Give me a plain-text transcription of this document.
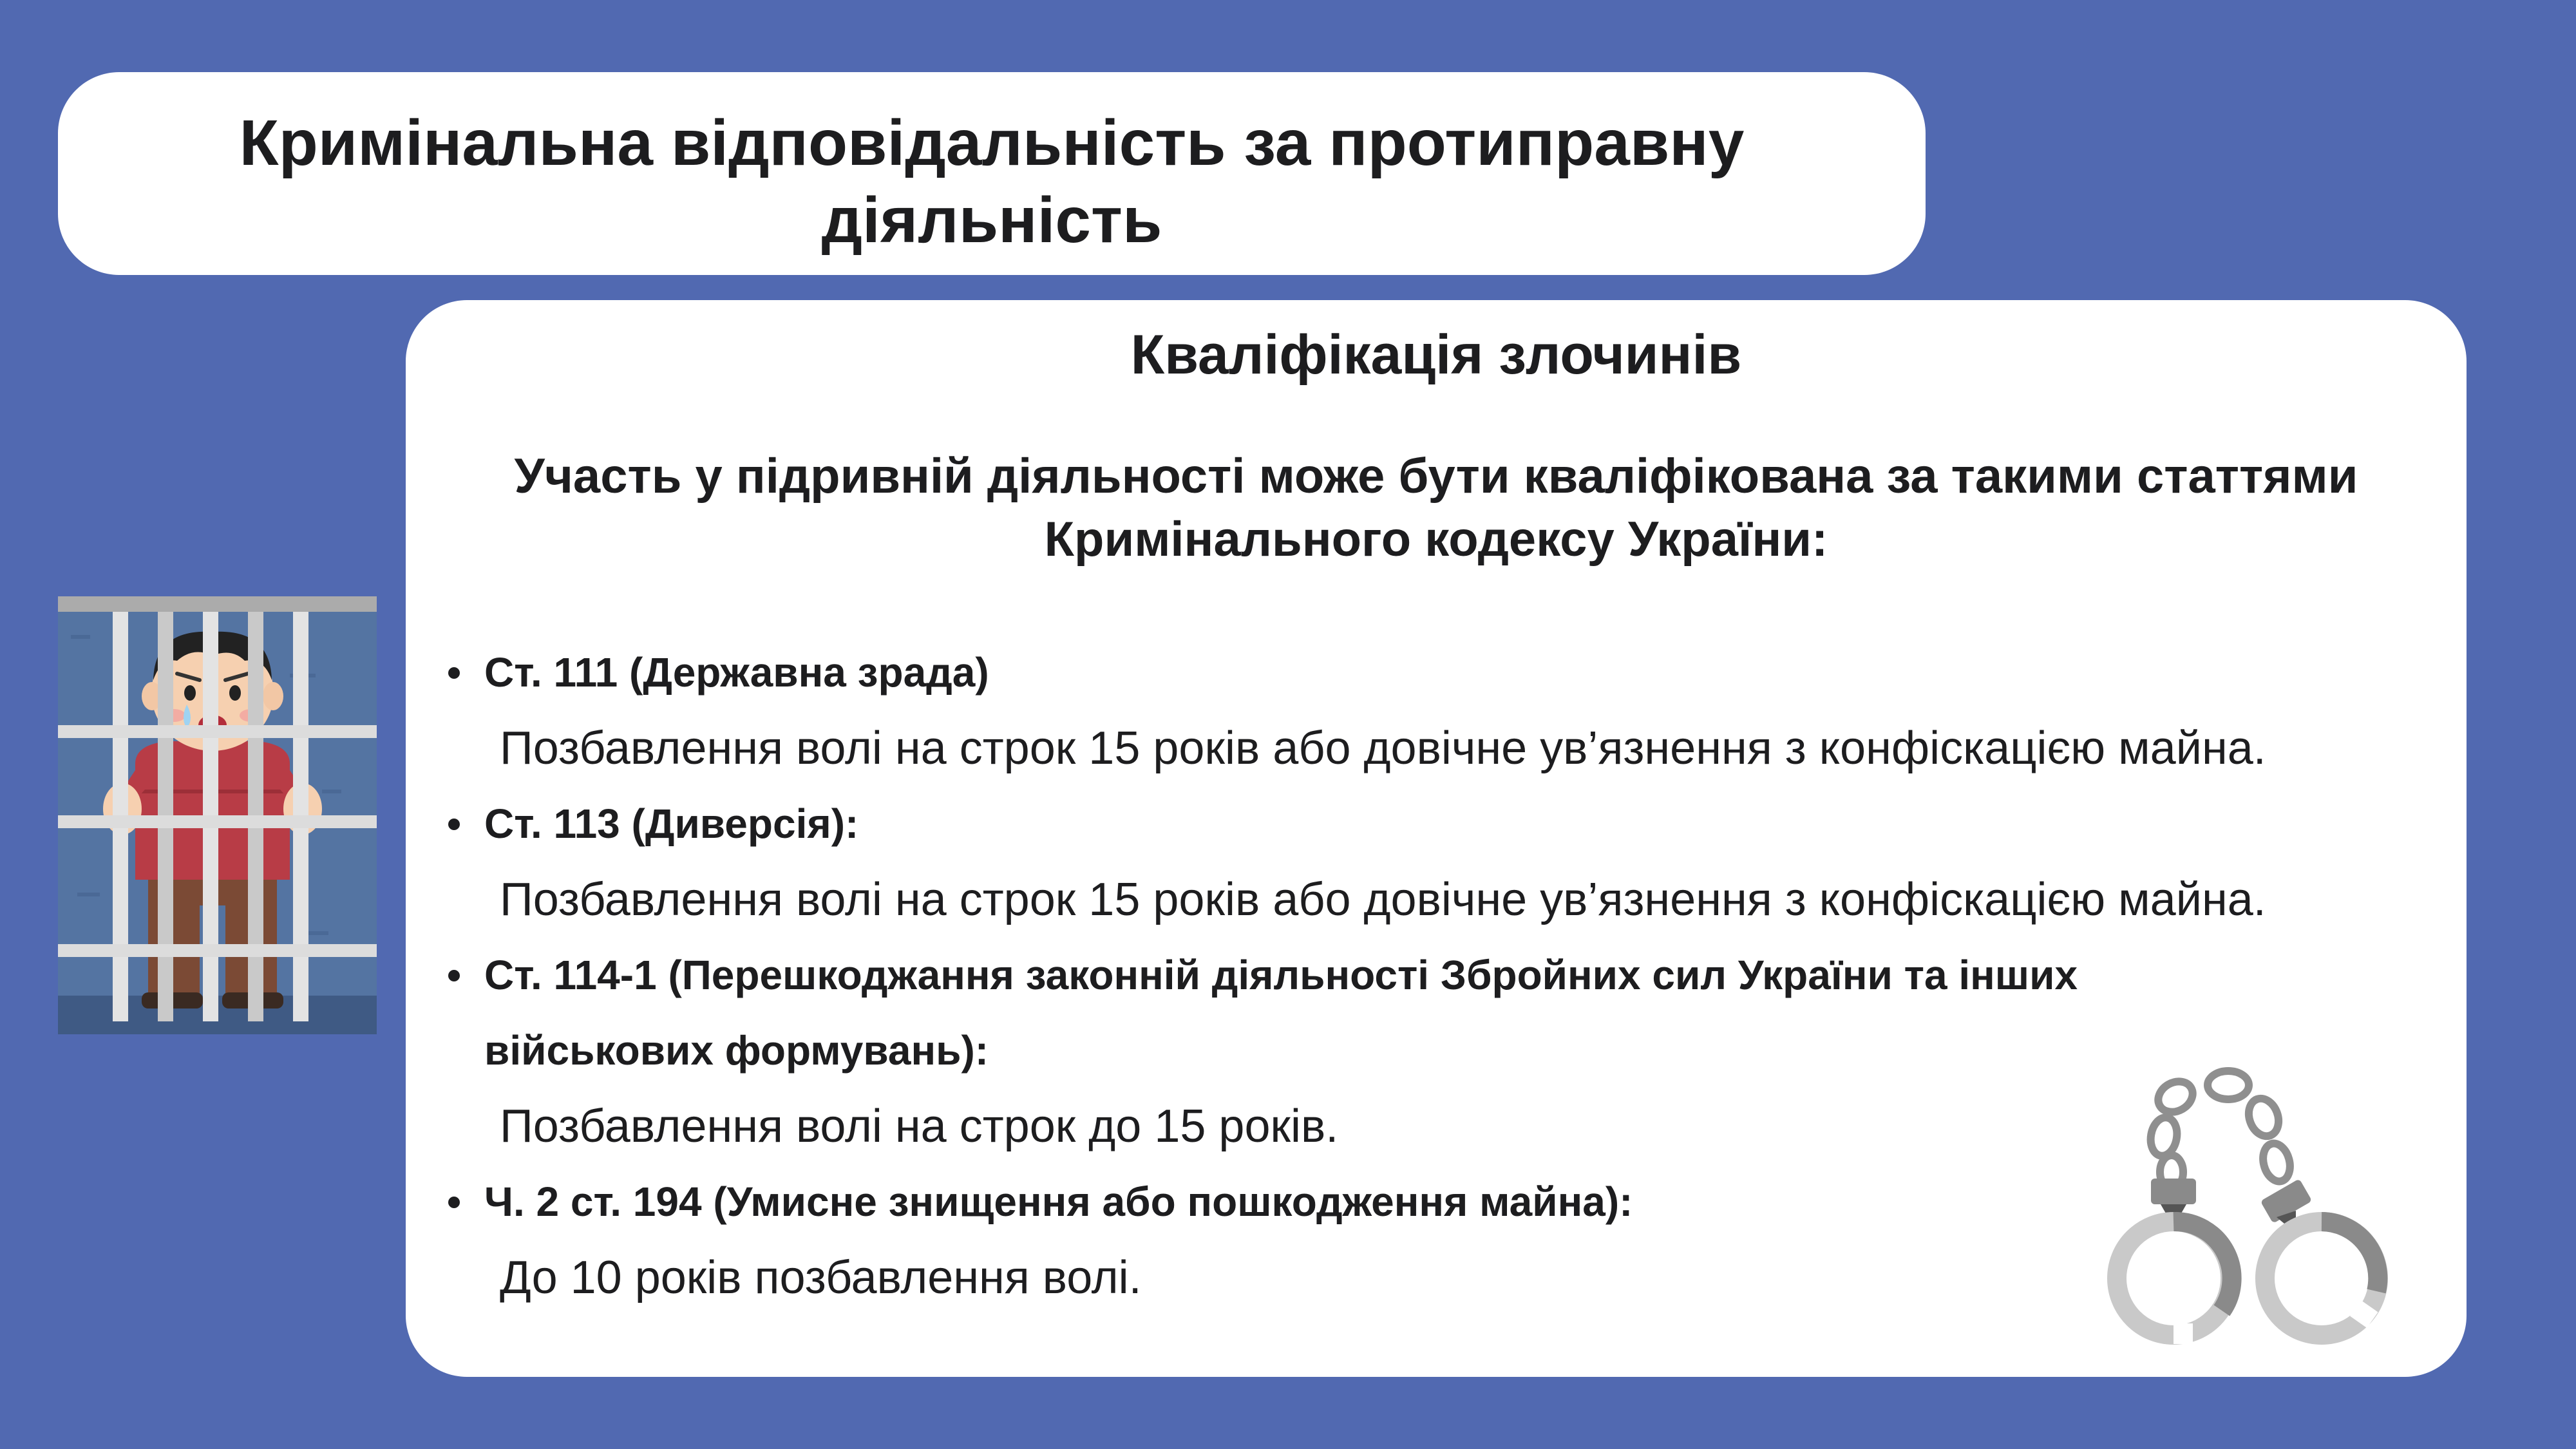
Кримінальна відповідальність за протиправну
діяльність
Кваліфікація злочинів

Участь у підривній діяльності може бути кваліфікована за такими статтями
Кримінального кодексу України:

Ст. 111 (Державна зрада)
Позбавлення волі на строк 15 років або довічне ув’язнення з конфіскацією майна.
Ст. 113 (Диверсія):
Позбавлення волі на строк 15 років або довічне ув’язнення з конфіскацією майна.
Ст. 114-1 (Перешкоджання законній діяльності Збройних сил України та інших
військових формувань):
Позбавлення волі на строк до 15 років.
Ч. 2 ст. 194 (Умисне знищення або пошкодження майна):
До 10 років позбавлення волі.
